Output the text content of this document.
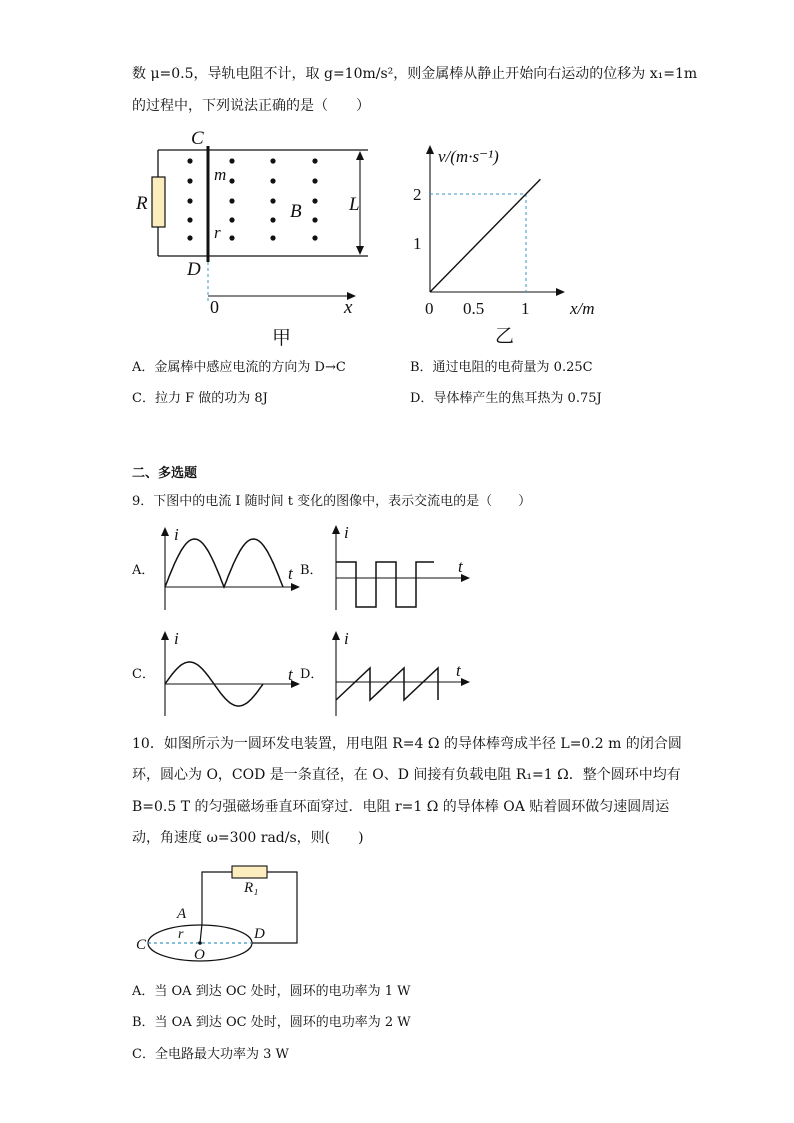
数 μ=0.5，导轨电阻不计，取 g=10m/s²，则金属棒从静止开始向右运动的位移为 x₁=1m
的过程中，下列说法正确的是（　　）
C
D
R
m
r
B L
0	x
甲
v/(m·s⁻¹)
x/m
乙
1
2
0 0.5 1
A．金属棒中感应电流的方向为 D→C	B．通过电阻的电荷量为 0.25C
C．拉力 F 做的功为 8J	D．导体棒产生的焦耳热为 0.75J
二、多选题
9．下图中的电流 I 随时间 t 变化的图像中，表示交流电的是（　　）
A．
i
t B．
i
t
C．
i
t D．
i
t
10．如图所示为一圆环发电装置，用电阻 R=4 Ω 的导体棒弯成半径 L=0.2 m 的闭合圆
环，圆心为 O，COD 是一条直径，在 O、D 间接有负载电阻 R₁=1 Ω．整个圆环中均有
B=0.5 T 的匀强磁场垂直环面穿过．电阻 r=1 Ω 的导体棒 OA 贴着圆环做匀速圆周运
动，角速度 ω=300 rad/s，则(　　)
R₁
A
r
C
O
D
A．当 OA 到达 OC 处时，圆环的电功率为 1 W
B．当 OA 到达 OC 处时，圆环的电功率为 2 W
C．全电路最大功率为 3 W
